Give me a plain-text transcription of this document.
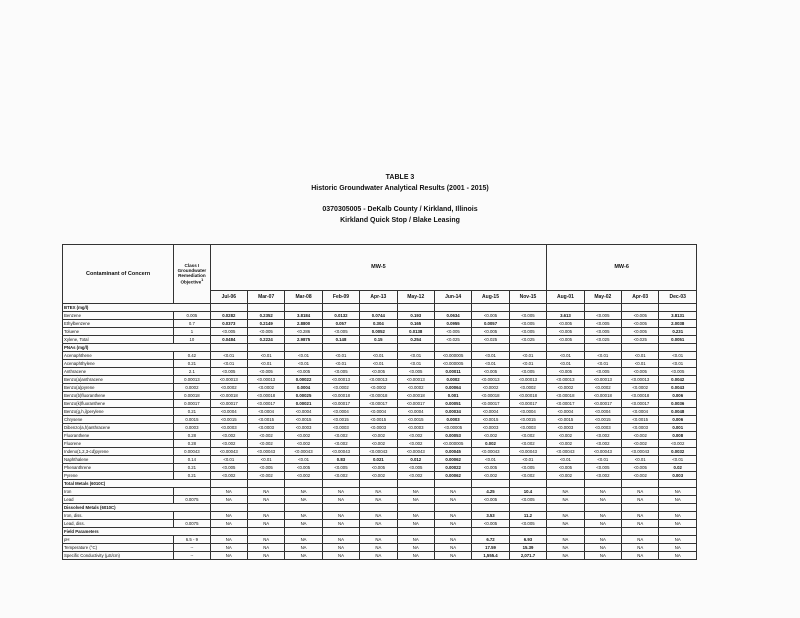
TABLE 3
Historic Groundwater Analytical Results (2001 - 2015)
0370305005 - DeKalb County / Kirkland, Illinois
Kirkland Quick Stop / Blake Leasing
Contaminant of Concern	Class I Groundwater Remediation Objective$^1$	MW-5									MW-6			
		Jul-06	Mar-07	Mar-08	Feb-09	Apr-13	May-12	Jun-14	Aug-15	Nov-15	Aug-01	May-02	Apr-03	Dec-03
BTEX (mg/l)														
Benzene	0.005	0.0282	0.2352	3.8184	0.0132	0.0744	0.193	0.0634	<0.005	<0.005	3.613	<0.005	<0.005	3.8131
Ethylbenzene	0.7	0.0373	0.2149	2.8800	0.057	0.304	0.165	0.0955	0.0057	<0.005	<0.005	<0.005	<0.005	2.0038
Toluene	1	<0.005	<0.005	<0.286	<0.005	0.0052	0.0138	<0.005	<0.005	<0.005	<0.005	<0.005	<0.005	0.231
Xylene, Total	10	0.0484	0.2224	2.9875	0.148	0.15	0.254	<0.025	<0.025	<0.025	<0.005	<0.025	<0.025	0.0051
PNAs (mg/l)														
Acenaphthene	0.42	<0.01	<0.01	<0.01	<0.01	<0.01	<0.01	<0.000005	<0.01	<0.01	<0.01	<0.01	<0.01	<0.01
Acenaphthylene	0.21	<0.01	<0.01	<0.01	<0.01	<0.01	<0.01	<0.000005	<0.01	<0.01	<0.01	<0.01	<0.01	<0.01
Anthracene	2.1	<0.005	<0.005	<0.005	<0.005	<0.005	<0.005	0.00011	<0.005	<0.005	<0.005	<0.005	<0.005	<0.005
Benzo(a)anthracene	0.00013	<0.00013	<0.00013	0.00022	<0.00013	<0.00013	<0.00013	0.0002	<0.00013	<0.00013	<0.00013	<0.00013	<0.00013	0.0042
Benzo(a)pyrene	0.0002	<0.0002	<0.0002	0.0004	<0.0002	<0.0002	<0.0002	0.00064	<0.0002	<0.0002	<0.0002	<0.0002	<0.0002	0.0043
Benzo(b)fluoranthene	0.00018	<0.00018	<0.00018	0.00025	<0.00018	<0.00018	<0.00018	0.001	<0.00018	<0.00018	<0.00018	<0.00018	<0.00018	0.006
Benzo(k)fluoranthene	0.00017	<0.00017	<0.00017	0.00021	<0.00017	<0.00017	<0.00017	0.00051	<0.00017	<0.00017	<0.00017	<0.00017	<0.00017	0.0036
Benzo(g,h,i)perylene	0.21	<0.0004	<0.0004	<0.0004	<0.0004	<0.0004	<0.0004	0.00034	<0.0004	<0.0004	<0.0004	<0.0004	<0.0004	0.0048
Chrysene	0.0015	<0.0015	<0.0015	<0.0015	<0.0015	<0.0015	<0.0015	0.0003	<0.0015	<0.0015	<0.0015	<0.0015	<0.0015	0.006
Dibenzo(a,h)anthracene	0.0003	<0.0003	<0.0003	<0.0003	<0.0003	<0.0003	<0.0003	<0.00005	<0.0003	<0.0003	<0.0003	<0.0003	<0.0003	0.001
Fluoranthene	0.28	<0.002	<0.002	<0.002	<0.002	<0.002	<0.002	0.00053	<0.002	<0.002	<0.002	<0.002	<0.002	0.008
Fluorene	0.28	<0.002	<0.002	<0.002	<0.002	<0.002	<0.002	<0.000005	0.002	<0.002	<0.002	<0.002	<0.002	<0.002
Indeno(1,2,3-cd)pyrene	0.00043	<0.00043	<0.00043	<0.00043	<0.00043	<0.00043	<0.00043	0.00045	<0.00043	<0.00043	<0.00043	<0.00043	<0.00043	0.0032
Naphthalene	0.14	<0.01	<0.01	<0.01	0.83	0.021	0.012	0.00062	<0.01	<0.01	<0.01	<0.01	<0.01	<0.01
Phenanthrene	0.21	<0.005	<0.005	<0.005	<0.005	<0.005	<0.005	0.00022	<0.005	<0.005	<0.005	<0.005	<0.005	0.02
Pyrene	0.21	<0.002	<0.002	<0.002	<0.002	<0.002	<0.002	0.00062	<0.002	<0.002	<0.002	<0.002	<0.002	0.003
Total Metals (6010C)														
Iron		NA	NA	NA	NA	NA	NA	NA	4.25	10.4	NA	NA	NA	NA
Lead	0.0075	NA	NA	NA	NA	NA	NA	NA	<0.005	<0.005	NA	NA	NA	NA
Dissolved Metals (6010C)														
Iron, diss.		NA	NA	NA	NA	NA	NA	NA	3.53	11.2	NA	NA	NA	NA
Lead, diss.	0.0075	NA	NA	NA	NA	NA	NA	NA	<0.005	<0.005	NA	NA	NA	NA
Field Parameters														
pH	6.5 - 9	NA	NA	NA	NA	NA	NA	NA	6.72	6.93	NA	NA	NA	NA
Temperature (°C)	--	NA	NA	NA	NA	NA	NA	NA	17.59	15.39	NA	NA	NA	NA
Specific Conductivity (µS/cm)	--	NA	NA	NA	NA	NA	NA	NA	1,555.4	2,071.7	NA	NA	NA	NA
